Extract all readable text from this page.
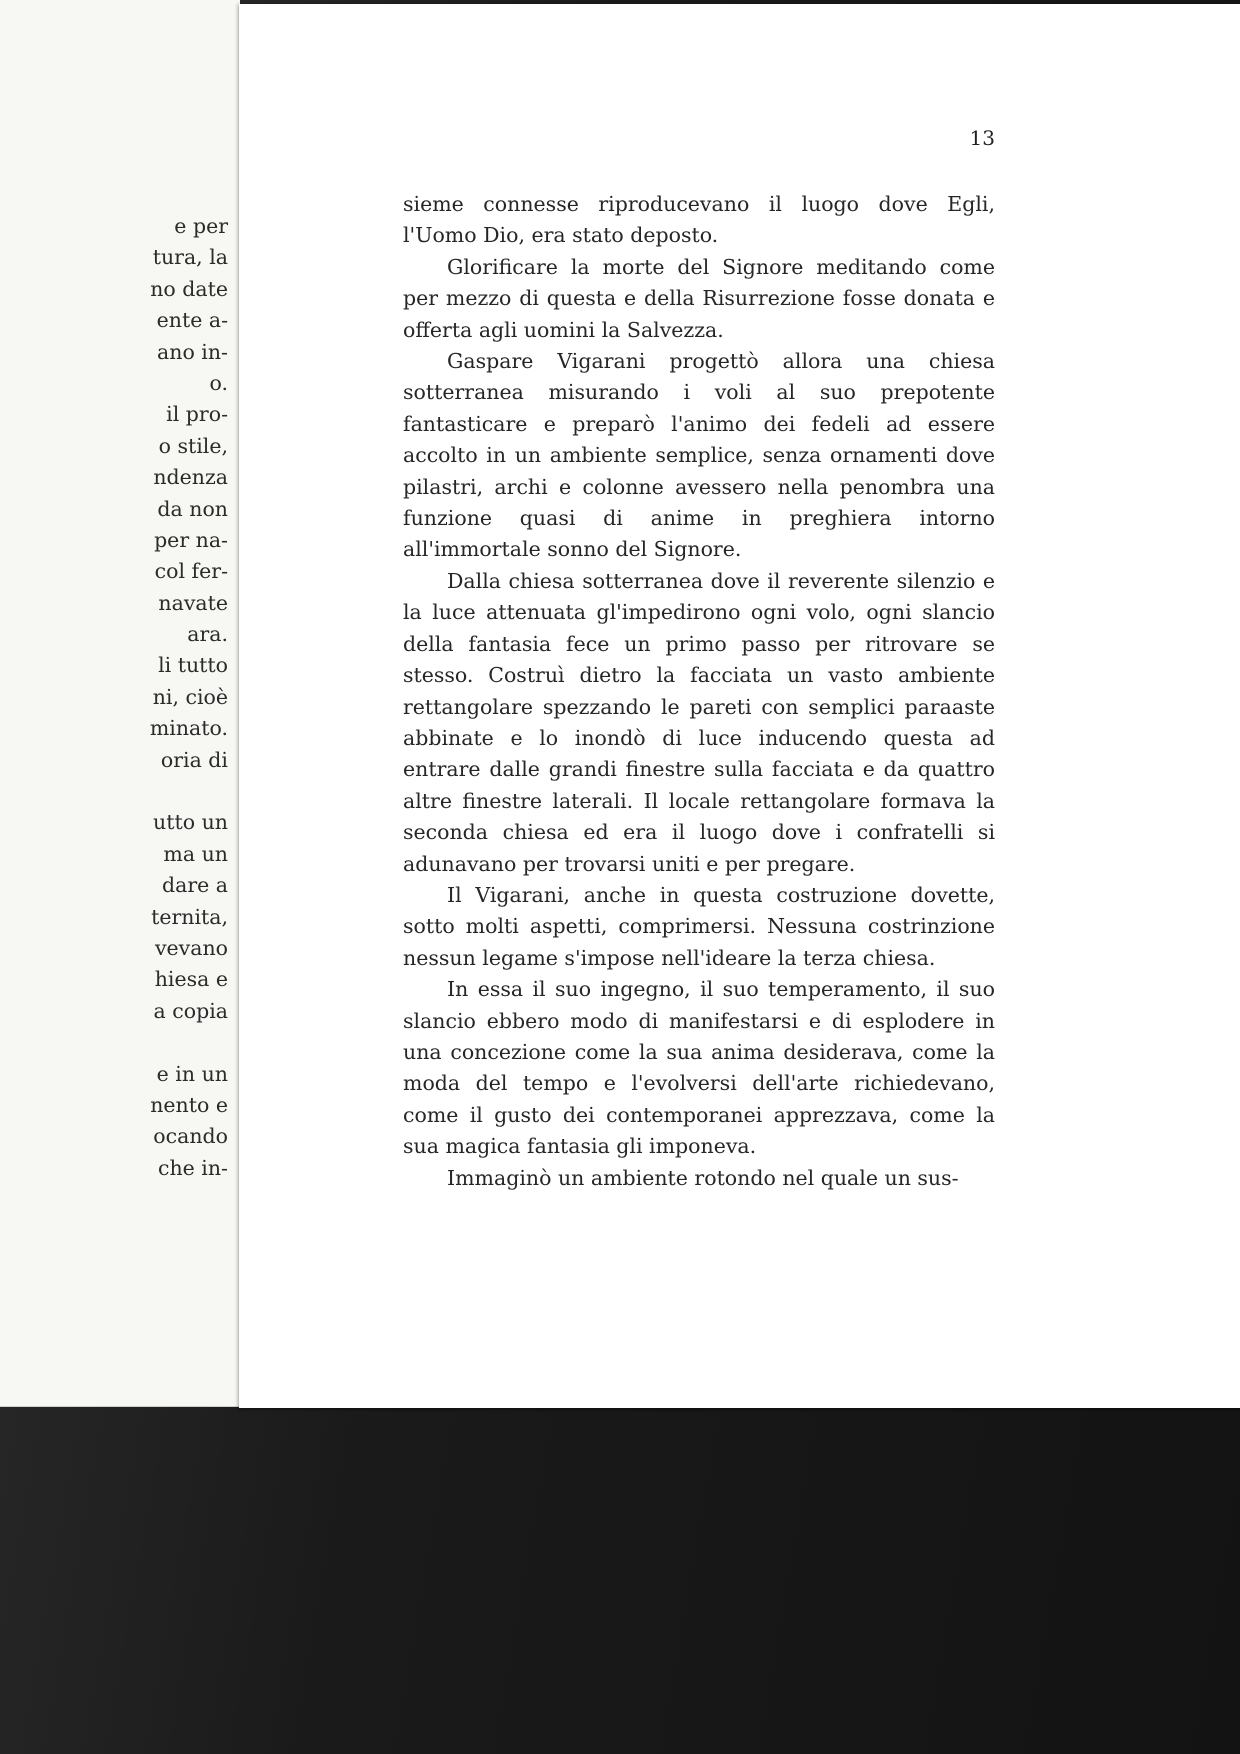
e per
tura, la
no date
ente a-
ano in-
o.
il pro-
o stile,
ndenza
da non
per na-
col fer-
navate
ara.
li tutto
ni, cioè
minato.
oria di
utto un
ma un
dare a
ternita,
vevano
hiesa e
a copia
e in un
nento e
ocando
che in-
13

sieme connesse riproducevano il luogo dove Egli, l'Uomo Dio, era stato deposto.

Glorificare la morte del Signore meditando come per mezzo di questa e della Risurrezione fosse donata e offerta agli uomini la Salvezza.

Gaspare Vigarani progettò allora una chiesa sotterranea misurando i voli al suo prepotente fantasticare e preparò l'animo dei fedeli ad essere accolto in un ambiente semplice, senza ornamenti dove pilastri, archi e colonne avessero nella penombra una funzione quasi di anime in preghiera intorno all'immortale sonno del Signore.

Dalla chiesa sotterranea dove il reverente silenzio e la luce attenuata gl'impedirono ogni volo, ogni slancio della fantasia fece un primo passo per ritrovare se stesso. Costruì dietro la facciata un vasto ambiente rettangolare spezzando le pareti con semplici paraaste abbinate e lo inondò di luce inducendo questa ad entrare dalle grandi finestre sulla facciata e da quattro altre finestre laterali. Il locale rettangolare formava la seconda chiesa ed era il luogo dove i confratelli si adunavano per trovarsi uniti e per pregare.

Il Vigarani, anche in questa costruzione dovette, sotto molti aspetti, comprimersi. Nessuna costrinzione nessun legame s'impose nell'ideare la terza chiesa.

In essa il suo ingegno, il suo temperamento, il suo slancio ebbero modo di manifestarsi e di esplodere in una concezione come la sua anima desiderava, come la moda del tempo e l'evolversi dell'arte richiedevano, come il gusto dei contemporanei apprezzava, come la sua magica fantasia gli imponeva.

Immaginò un ambiente rotondo nel quale un sus-
